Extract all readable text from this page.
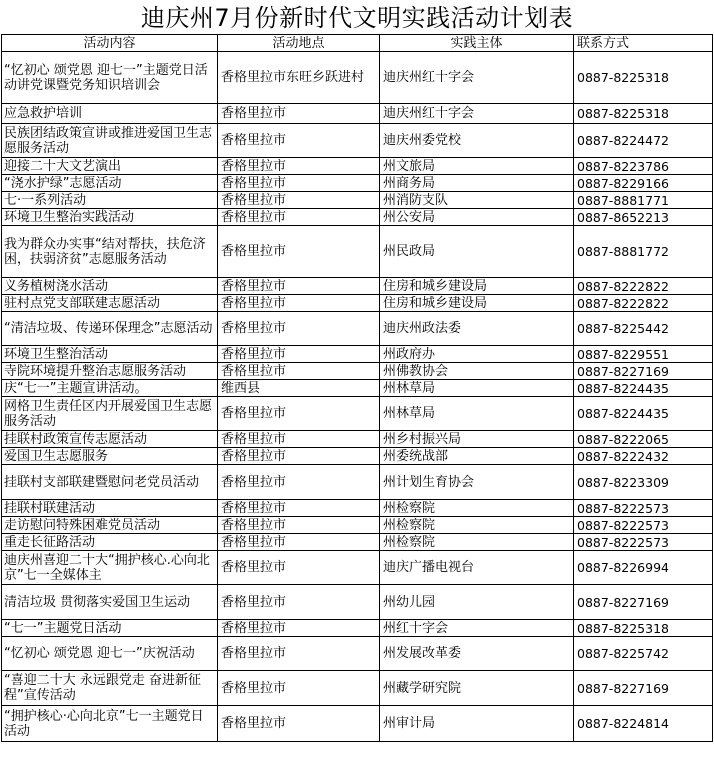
迪庆州7月份新时代文明实践活动计划表
活动内容	活动地点	实践主体	联系方式
“忆初心 颂党恩 迎七一”主题党日活动讲党课暨党务知识培训会	香格里拉市东旺乡跃进村	迪庆州红十字会	0887-8225318
应急救护培训	香格里拉市	迪庆州红十字会	0887-8225318
民族团结政策宣讲或推进爱国卫生志愿服务活动	香格里拉市	迪庆州委党校	0887-8224472
迎接二十大文艺演出	香格里拉市	州文旅局	0887-8223786
“浇水护绿”志愿活动	香格里拉市	州商务局	0887-8229166
七·一系列活动	香格里拉市	州消防支队	0887-8881771
环境卫生整治实践活动	香格里拉市	州公安局	0887-8652213
我为群众办实事“结对帮扶，扶危济困，扶弱济贫”志愿服务活动	香格里拉市	州民政局	0887-8881772
义务植树浇水活动	香格里拉市	住房和城乡建设局	0887-8222822
驻村点党支部联建志愿活动	香格里拉市	住房和城乡建设局	0887-8222822
“清洁垃圾、传递环保理念”志愿活动	香格里拉市	迪庆州政法委	0887-8225442
环境卫生整治活动	香格里拉市	州政府办	0887-8229551
寺院环境提升整治志愿服务活动	香格里拉市	州佛教协会	0887-8227169
庆“七一”主题宣讲活动。	维西县	州林草局	0887-8224435
网格卫生责任区内开展爱国卫生志愿服务活动	香格里拉市	州林草局	0887-8224435
挂联村政策宣传志愿活动	香格里拉市	州乡村振兴局	0887-8222065
爱国卫生志愿服务	香格里拉市	州委统战部	0887-8222432
挂联村支部联建暨慰问老党员活动	香格里拉市	州计划生育协会	0887-8223309
挂联村联建活动	香格里拉市	州检察院	0887-8222573
走访慰问特殊困难党员活动	香格里拉市	州检察院	0887-8222573
重走长征路活动	香格里拉市	州检察院	0887-8222573
迪庆州喜迎二十大“拥护核心.心向北京”七一全媒体主	香格里拉市	迪庆广播电视台	0887-8226994
清洁垃圾 贯彻落实爱国卫生运动	香格里拉市	州幼儿园	0887-8227169
“七一”主题党日活动	香格里拉市	州红十字会	0887-8225318
“忆初心 颂党恩 迎七一”庆祝活动	香格里拉市	州发展改革委	0887-8225742
“喜迎二十大 永远跟党走 奋进新征程”宣传活动	香格里拉市	州藏学研究院	0887-8227169
“拥护核心·心向北京”七一主题党日活动	香格里拉市	州审计局	0887-8224814
